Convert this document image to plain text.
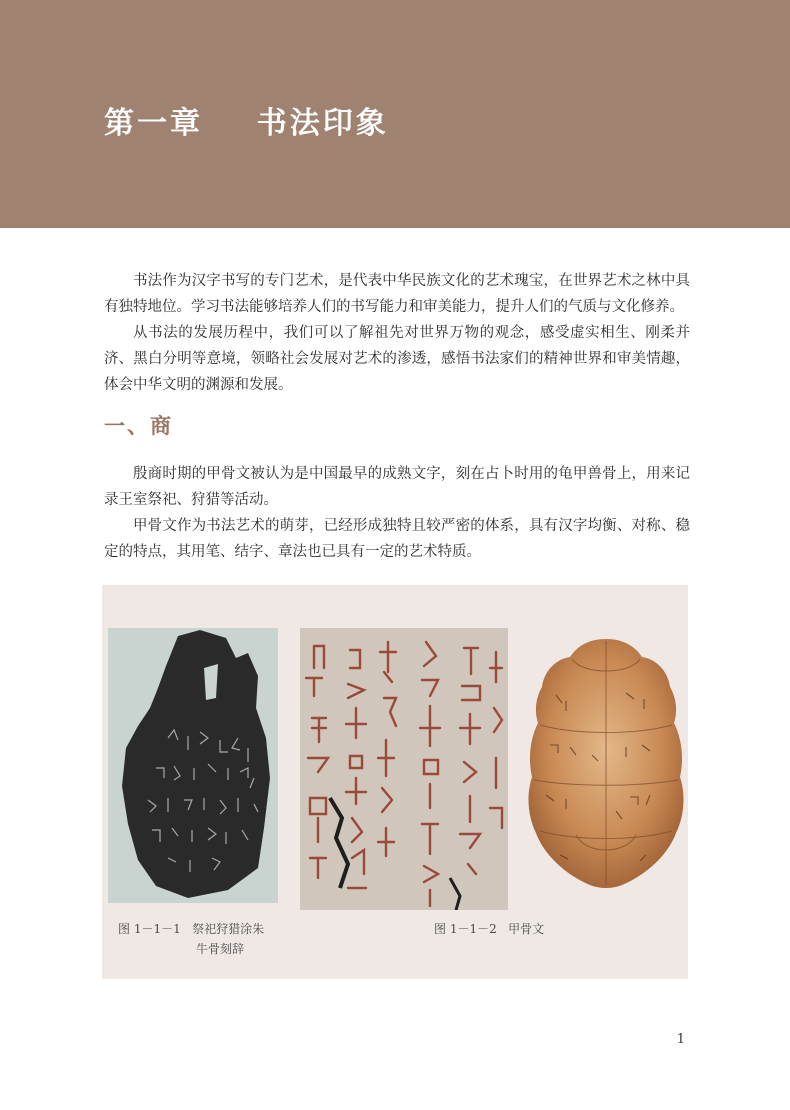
第一章    书法印象

书法作为汉字书写的专门艺术，是代表中华民族文化的艺术瑰宝，在世界艺术之林中具有独特地位。学习书法能够培养人们的书写能力和审美能力，提升人们的气质与文化修养。

从书法的发展历程中，我们可以了解祖先对世界万物的观念，感受虚实相生、刚柔并济、黑白分明等意境，领略社会发展对艺术的渗透，感悟书法家们的精神世界和审美情趣，体会中华文明的渊源和发展。

一、商

殷商时期的甲骨文被认为是中国最早的成熟文字，刻在占卜时用的龟甲兽骨上，用来记录王室祭祀、狩猎等活动。

甲骨文作为书法艺术的萌芽，已经形成独特且较严密的体系，具有汉字均衡、对称、稳定的特点，其用笔、结字、章法也已具有一定的艺术特质。

图 1－1－1   祭祀狩猎涂朱
牛骨刻辞
图 1－1－2   甲骨文
1
